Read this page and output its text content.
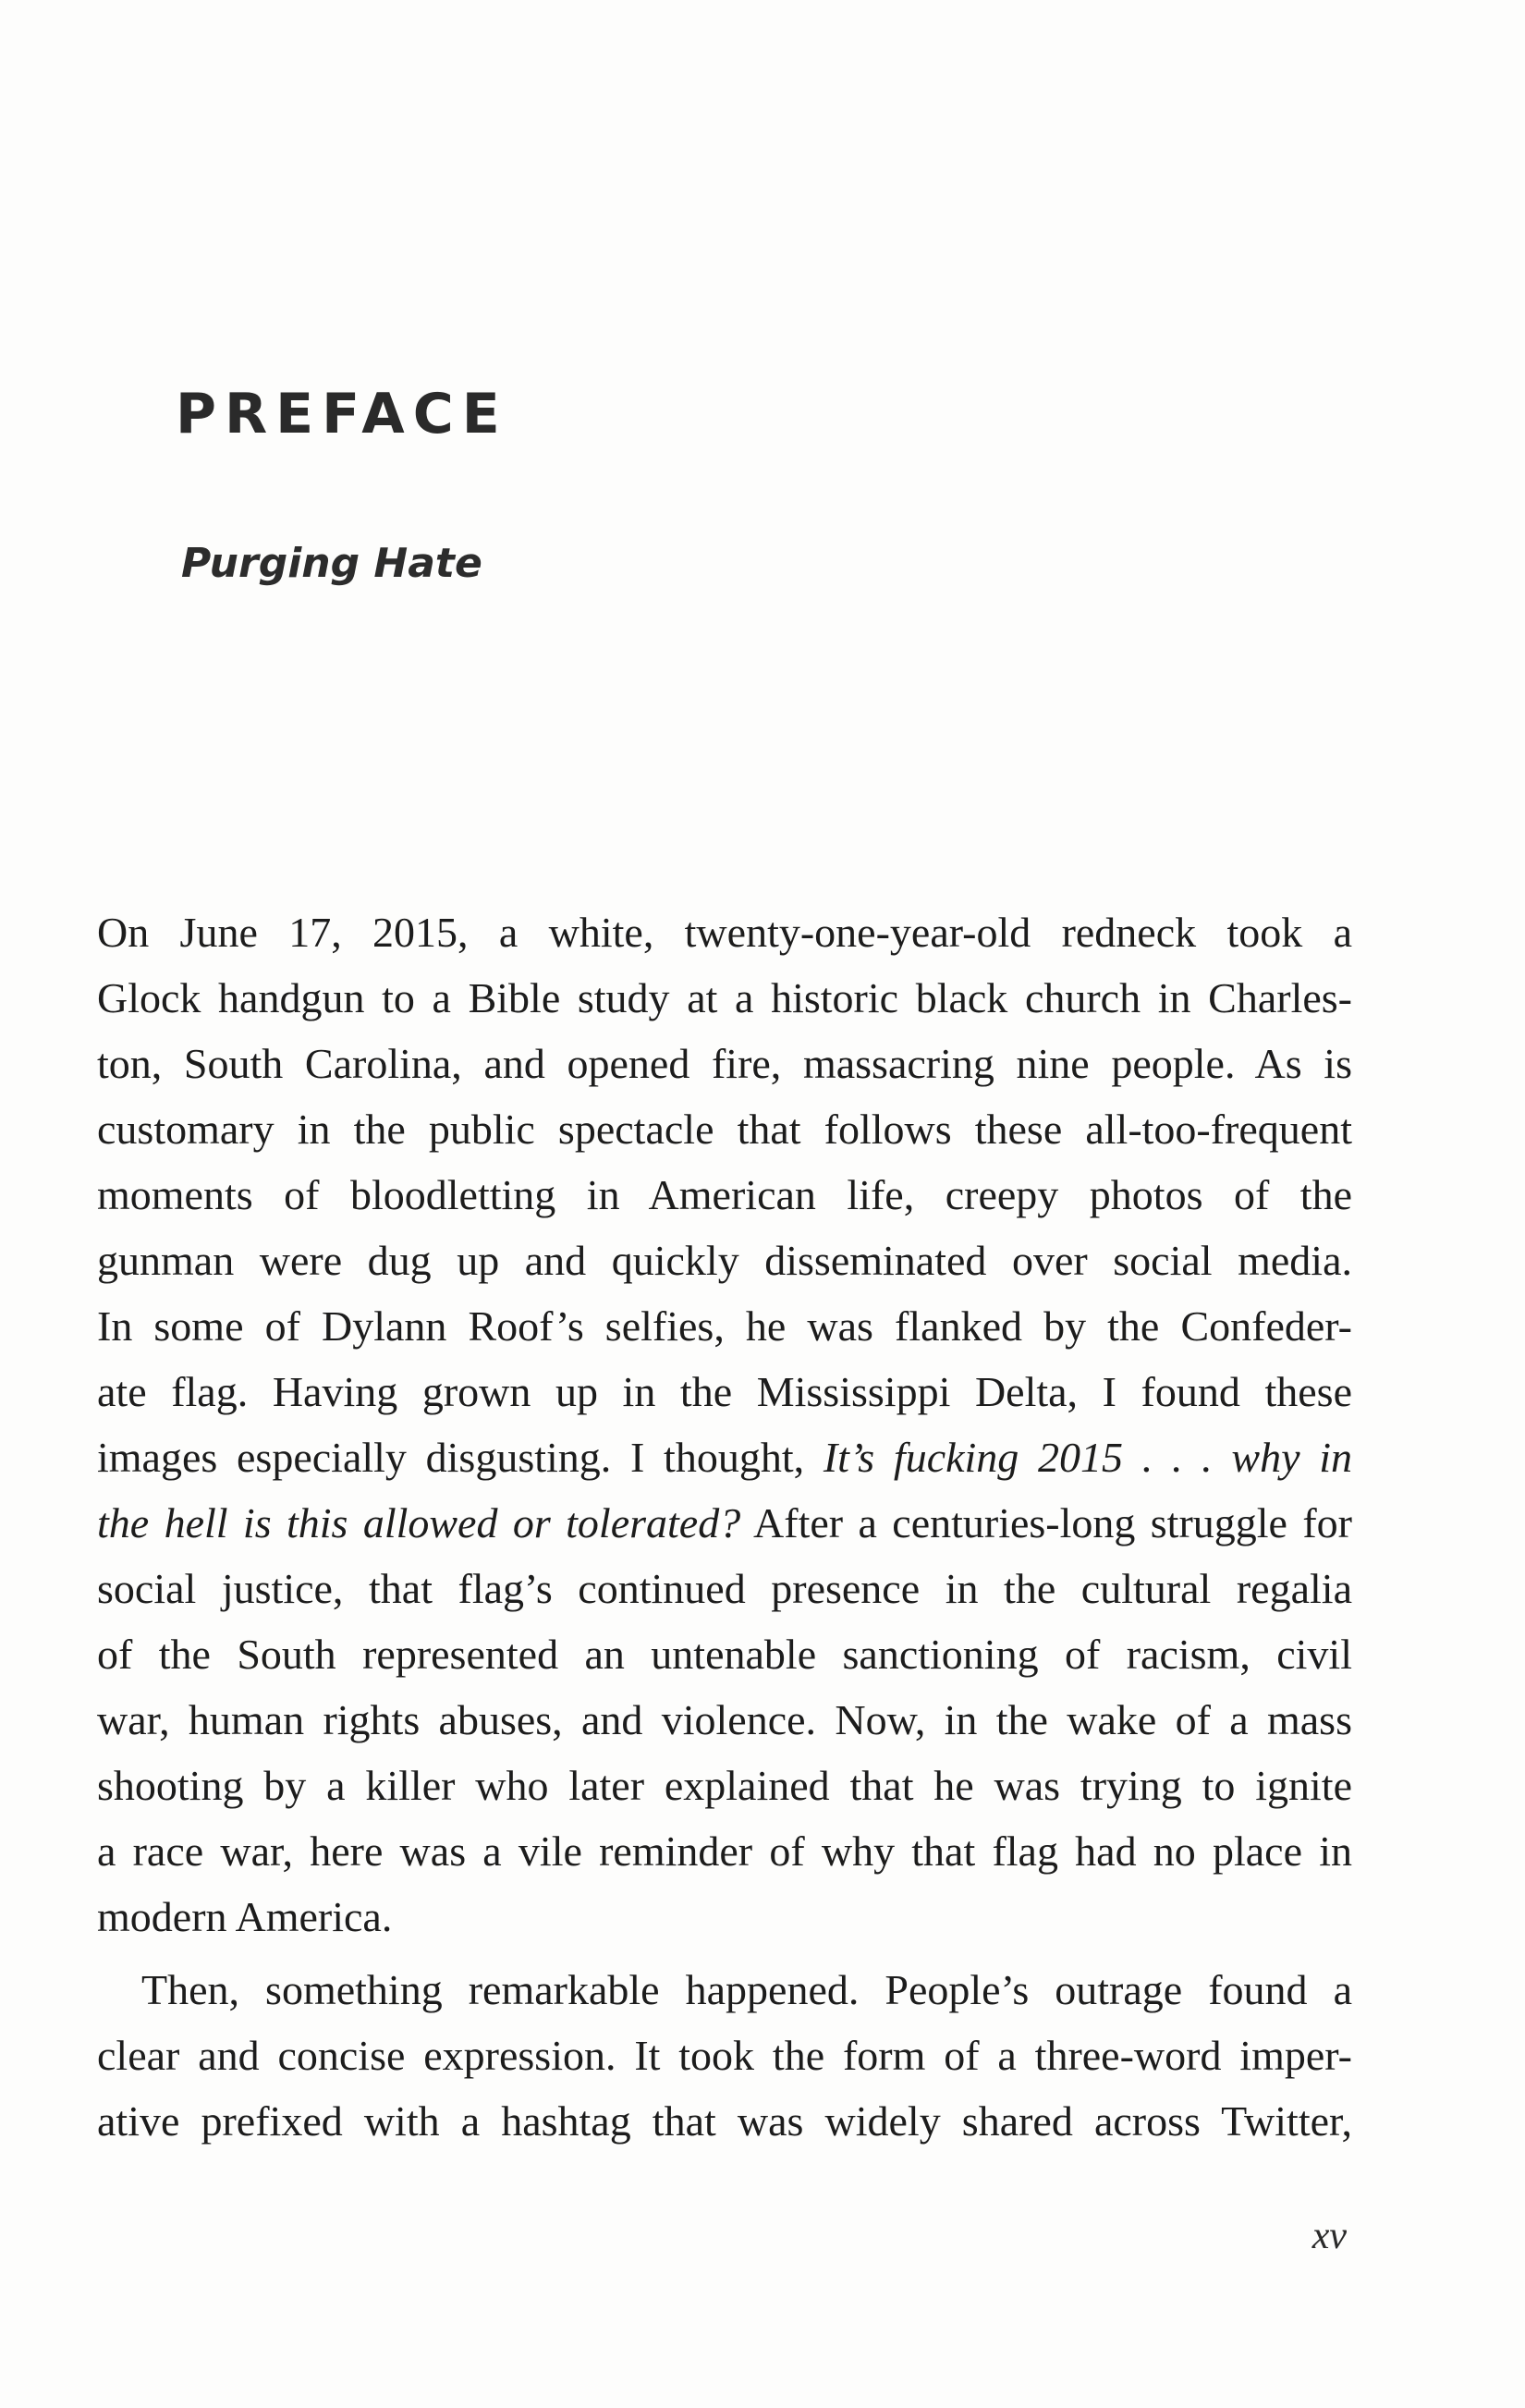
PREFACE
Purging Hate

On June 17, 2015, a white, twenty-one-year-old redneck took a
Glock handgun to a Bible study at a historic black church in Charles-
ton, South Carolina, and opened fire, massacring nine people. As is
customary in the public spectacle that follows these all-too-frequent
moments of bloodletting in American life, creepy photos of the
gunman were dug up and quickly disseminated over social media.
In some of Dylann Roof’s selfies, he was flanked by the Confeder-
ate flag. Having grown up in the Mississippi Delta, I found these
images especially disgusting. I thought, It’s fucking 2015 . . . why in
the hell is this allowed or tolerated? After a centuries-long struggle for
social justice, that flag’s continued presence in the cultural regalia
of the South represented an untenable sanctioning of racism, civil
war, human rights abuses, and violence. Now, in the wake of a mass
shooting by a killer who later explained that he was trying to ignite
a race war, here was a vile reminder of why that flag had no place in
modern America.

Then, something remarkable happened. People’s outrage found a
clear and concise expression. It took the form of a three-word imper-
ative prefixed with a hashtag that was widely shared across Twitter,

xv
